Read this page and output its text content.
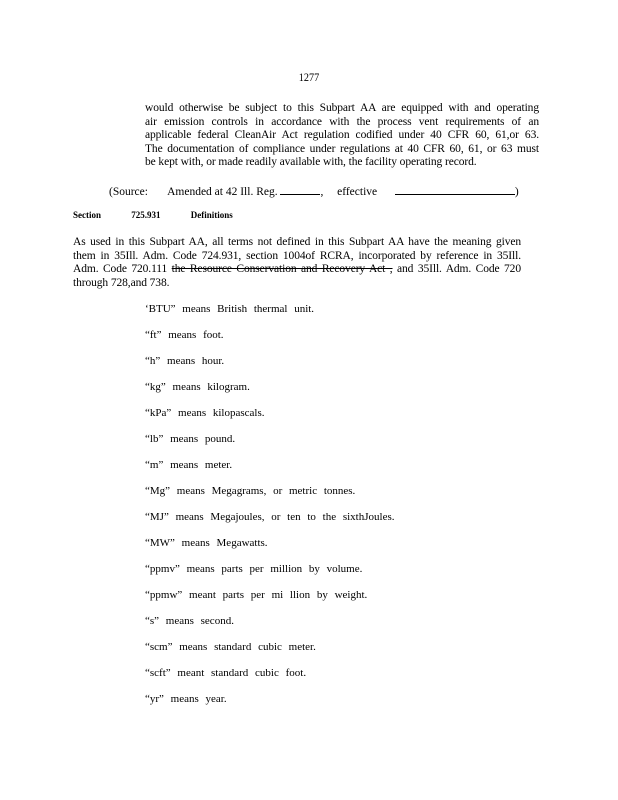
1277
would otherwise be subject to this Subpart AA are equipped with and operating
air emission controls in accordance with the process vent requirements of an
applicable federal CleanAir Act regulation codified under 40 CFR 60, 61,or 63.
The documentation of compliance under regulations at 40 CFR 60, 61, or 63 must
be kept with, or made readily available with, the facility operating record.
(Source: Amended at 42 Ill. Reg.	, effective	)
Section	725.931	Definitions
As used in this Subpart AA, all terms not defined in this Subpart AA have the meaning given
them in 35Ill. Adm. Code 724.931, section 1004of RCRA, incorporated by reference in 35Ill.
Adm. Code 720.111 the Resource Conservation and Recovery Act , and 35Ill. Adm. Code 720
through 728,and 738.
‘BTU” means British thermal unit.
“ft” means foot.
“h” means hour.
“kg” means kilogram.
“kPa” means kilopascals.
“lb” means pound.
“m” means meter.
“Mg” means Megagrams, or metric tonnes.
“MJ” means Megajoules, or ten to the sixthJoules.
“MW” means Megawatts.
“ppmv” means parts per million by volume.
“ppmw” meant parts per mi llion by weight.
“s” means second.
“scm” means standard cubic meter.
“scft” meant standard cubic foot.
“yr” means year.
